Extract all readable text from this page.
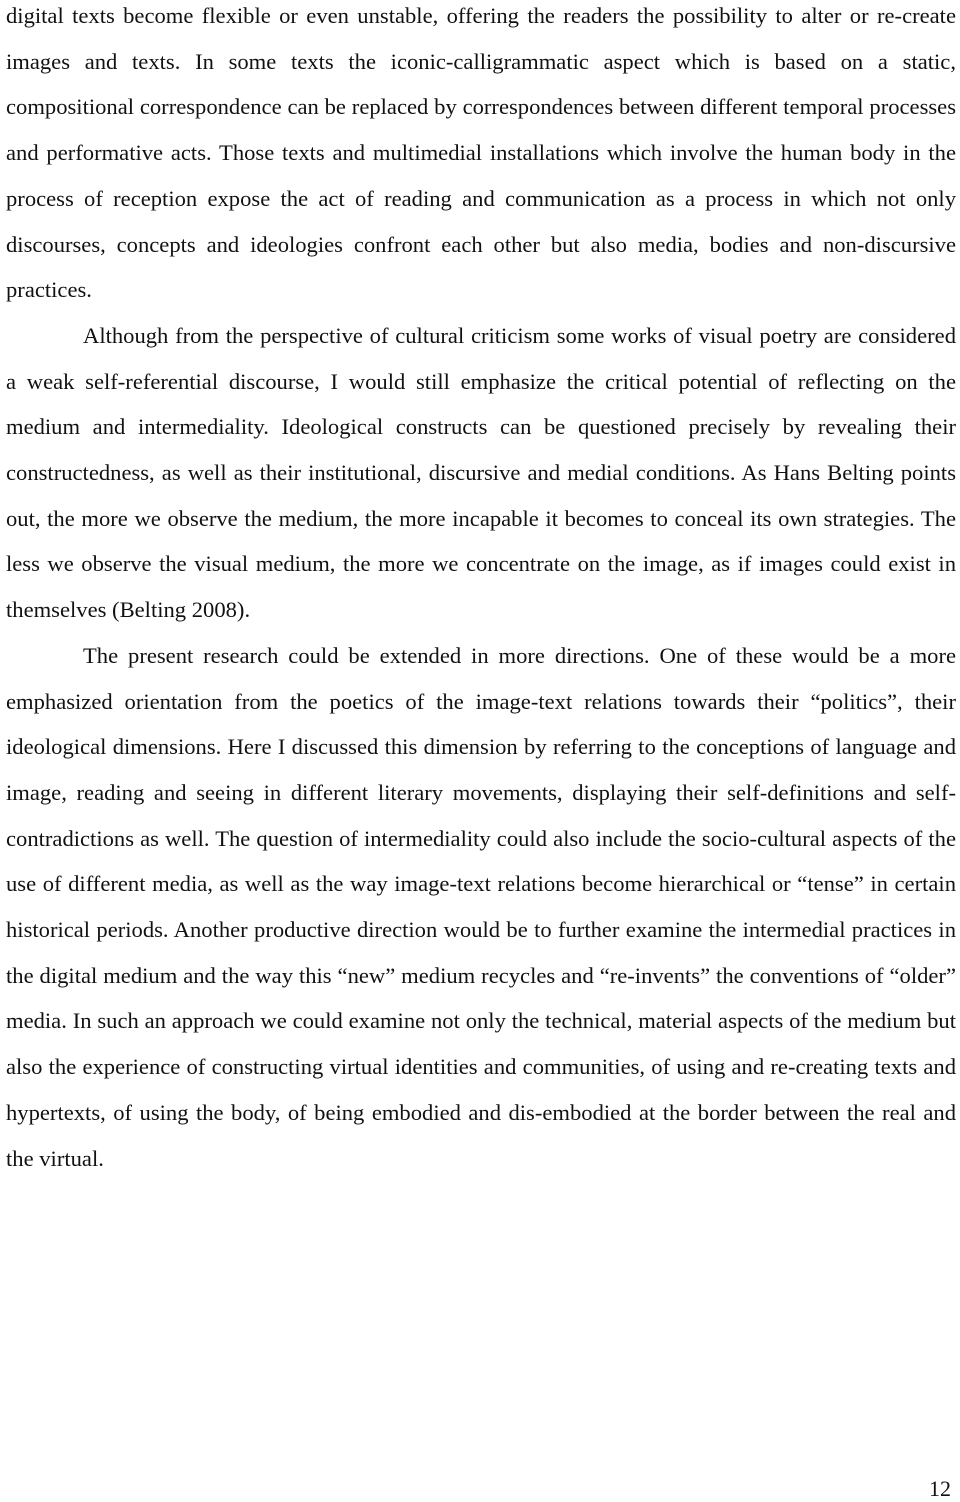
digital texts become flexible or even unstable, offering the readers the possibility to alter or re-create images and texts. In some texts the iconic-calligrammatic aspect which is based on a static, compositional correspondence can be replaced by correspondences between different temporal processes and performative acts. Those texts and multimedial installations which involve the human body in the process of reception expose the act of reading and communication as a process in which not only discourses, concepts and ideologies confront each other but also media, bodies and non-discursive practices.

Although from the perspective of cultural criticism some works of visual poetry are considered a weak self-referential discourse, I would still emphasize the critical potential of reflecting on the medium and intermediality. Ideological constructs can be questioned precisely by revealing their constructedness, as well as their institutional, discursive and medial conditions. As Hans Belting points out, the more we observe the medium, the more incapable it becomes to conceal its own strategies. The less we observe the visual medium, the more we concentrate on the image, as if images could exist in themselves (Belting 2008).

The present research could be extended in more directions. One of these would be a more emphasized orientation from the poetics of the image-text relations towards their “politics”, their ideological dimensions. Here I discussed this dimension by referring to the conceptions of language and image, reading and seeing in different literary movements, displaying their self-definitions and self-contradictions as well. The question of intermediality could also include the socio-cultural aspects of the use of different media, as well as the way image-text relations become hierarchical or “tense” in certain historical periods. Another productive direction would be to further examine the intermedial practices in the digital medium and the way this “new” medium recycles and “re-invents” the conventions of “older” media. In such an approach we could examine not only the technical, material aspects of the medium but also the experience of constructing virtual identities and communities, of using and re-creating texts and hypertexts, of using the body, of being embodied and dis-embodied at the border between the real and the virtual.

12
